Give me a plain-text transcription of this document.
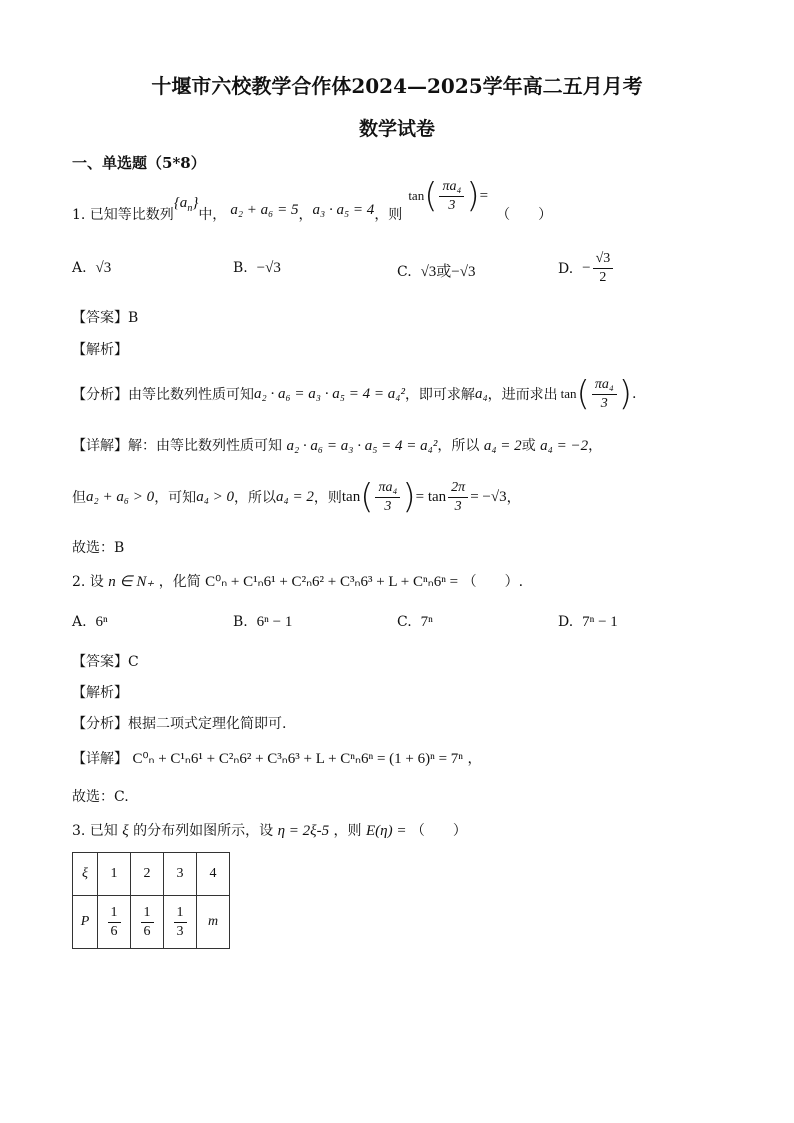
十堰市六校教学合作体2024—2025学年高二五月月考
数学试卷
一、单选题（5*8）
1. 已知等比数列
$\{a_n\}$
中， a₂ + a₆ = 5 ， a₃ · a₅ = 4 ，则
tan ( $\frac{\text{πa₄}}{3}$ ) =
（　　）
A. √3	B. −√3	C. √3或−√3	D.
− $\frac{√3}{2}$
【答案】B
【解析】
【分析】 由等比数列性质可知 a₂ · a₆ = a₃ · a₅ = 4 = a₄² ，即可求解 a₄ ，进而求出 tan ( $\frac{\text{πa₄}}{3}$ ) .
【详解】解：由等比数列性质可知 a₂ · a₆ = a₃ · a₅ = 4 = a₄²，所以 a₄ = 2或 a₄ = −2，
但 a₂ + a₆ > 0 ，可知 a₄ > 0 ，所以 a₄ = 2 ，则 tan ( $\frac{\text{πa₄}}{3}$ ) = $\tan \frac{2\pi}{3} = -√3$ ，
故选：B
2. 设 n ∈ N₊ ，化简 C⁰ₙ + C¹ₙ6¹ + C²ₙ6² + C³ₙ6³ + L + Cⁿₙ6ⁿ = （　　）.
A. 6ⁿ	B. 6ⁿ − 1	C. 7ⁿ	D. 7ⁿ − 1
【答案】C
【解析】
【分析】根据二项式定理化简即可.
【详解】 C⁰ₙ + C¹ₙ6¹ + C²ₙ6² + C³ₙ6³ + L + Cⁿₙ6ⁿ = (1 + 6)ⁿ = 7ⁿ ，
故选：C.
3. 已知 ξ 的分布列如图所示，设 η = 2ξ-5 ，则 E(η) = （　　）
ξ	1	2	3	4
P	$\frac{1}{6}$	$\frac{1}{6}$	$\frac{1}{3}$	m
